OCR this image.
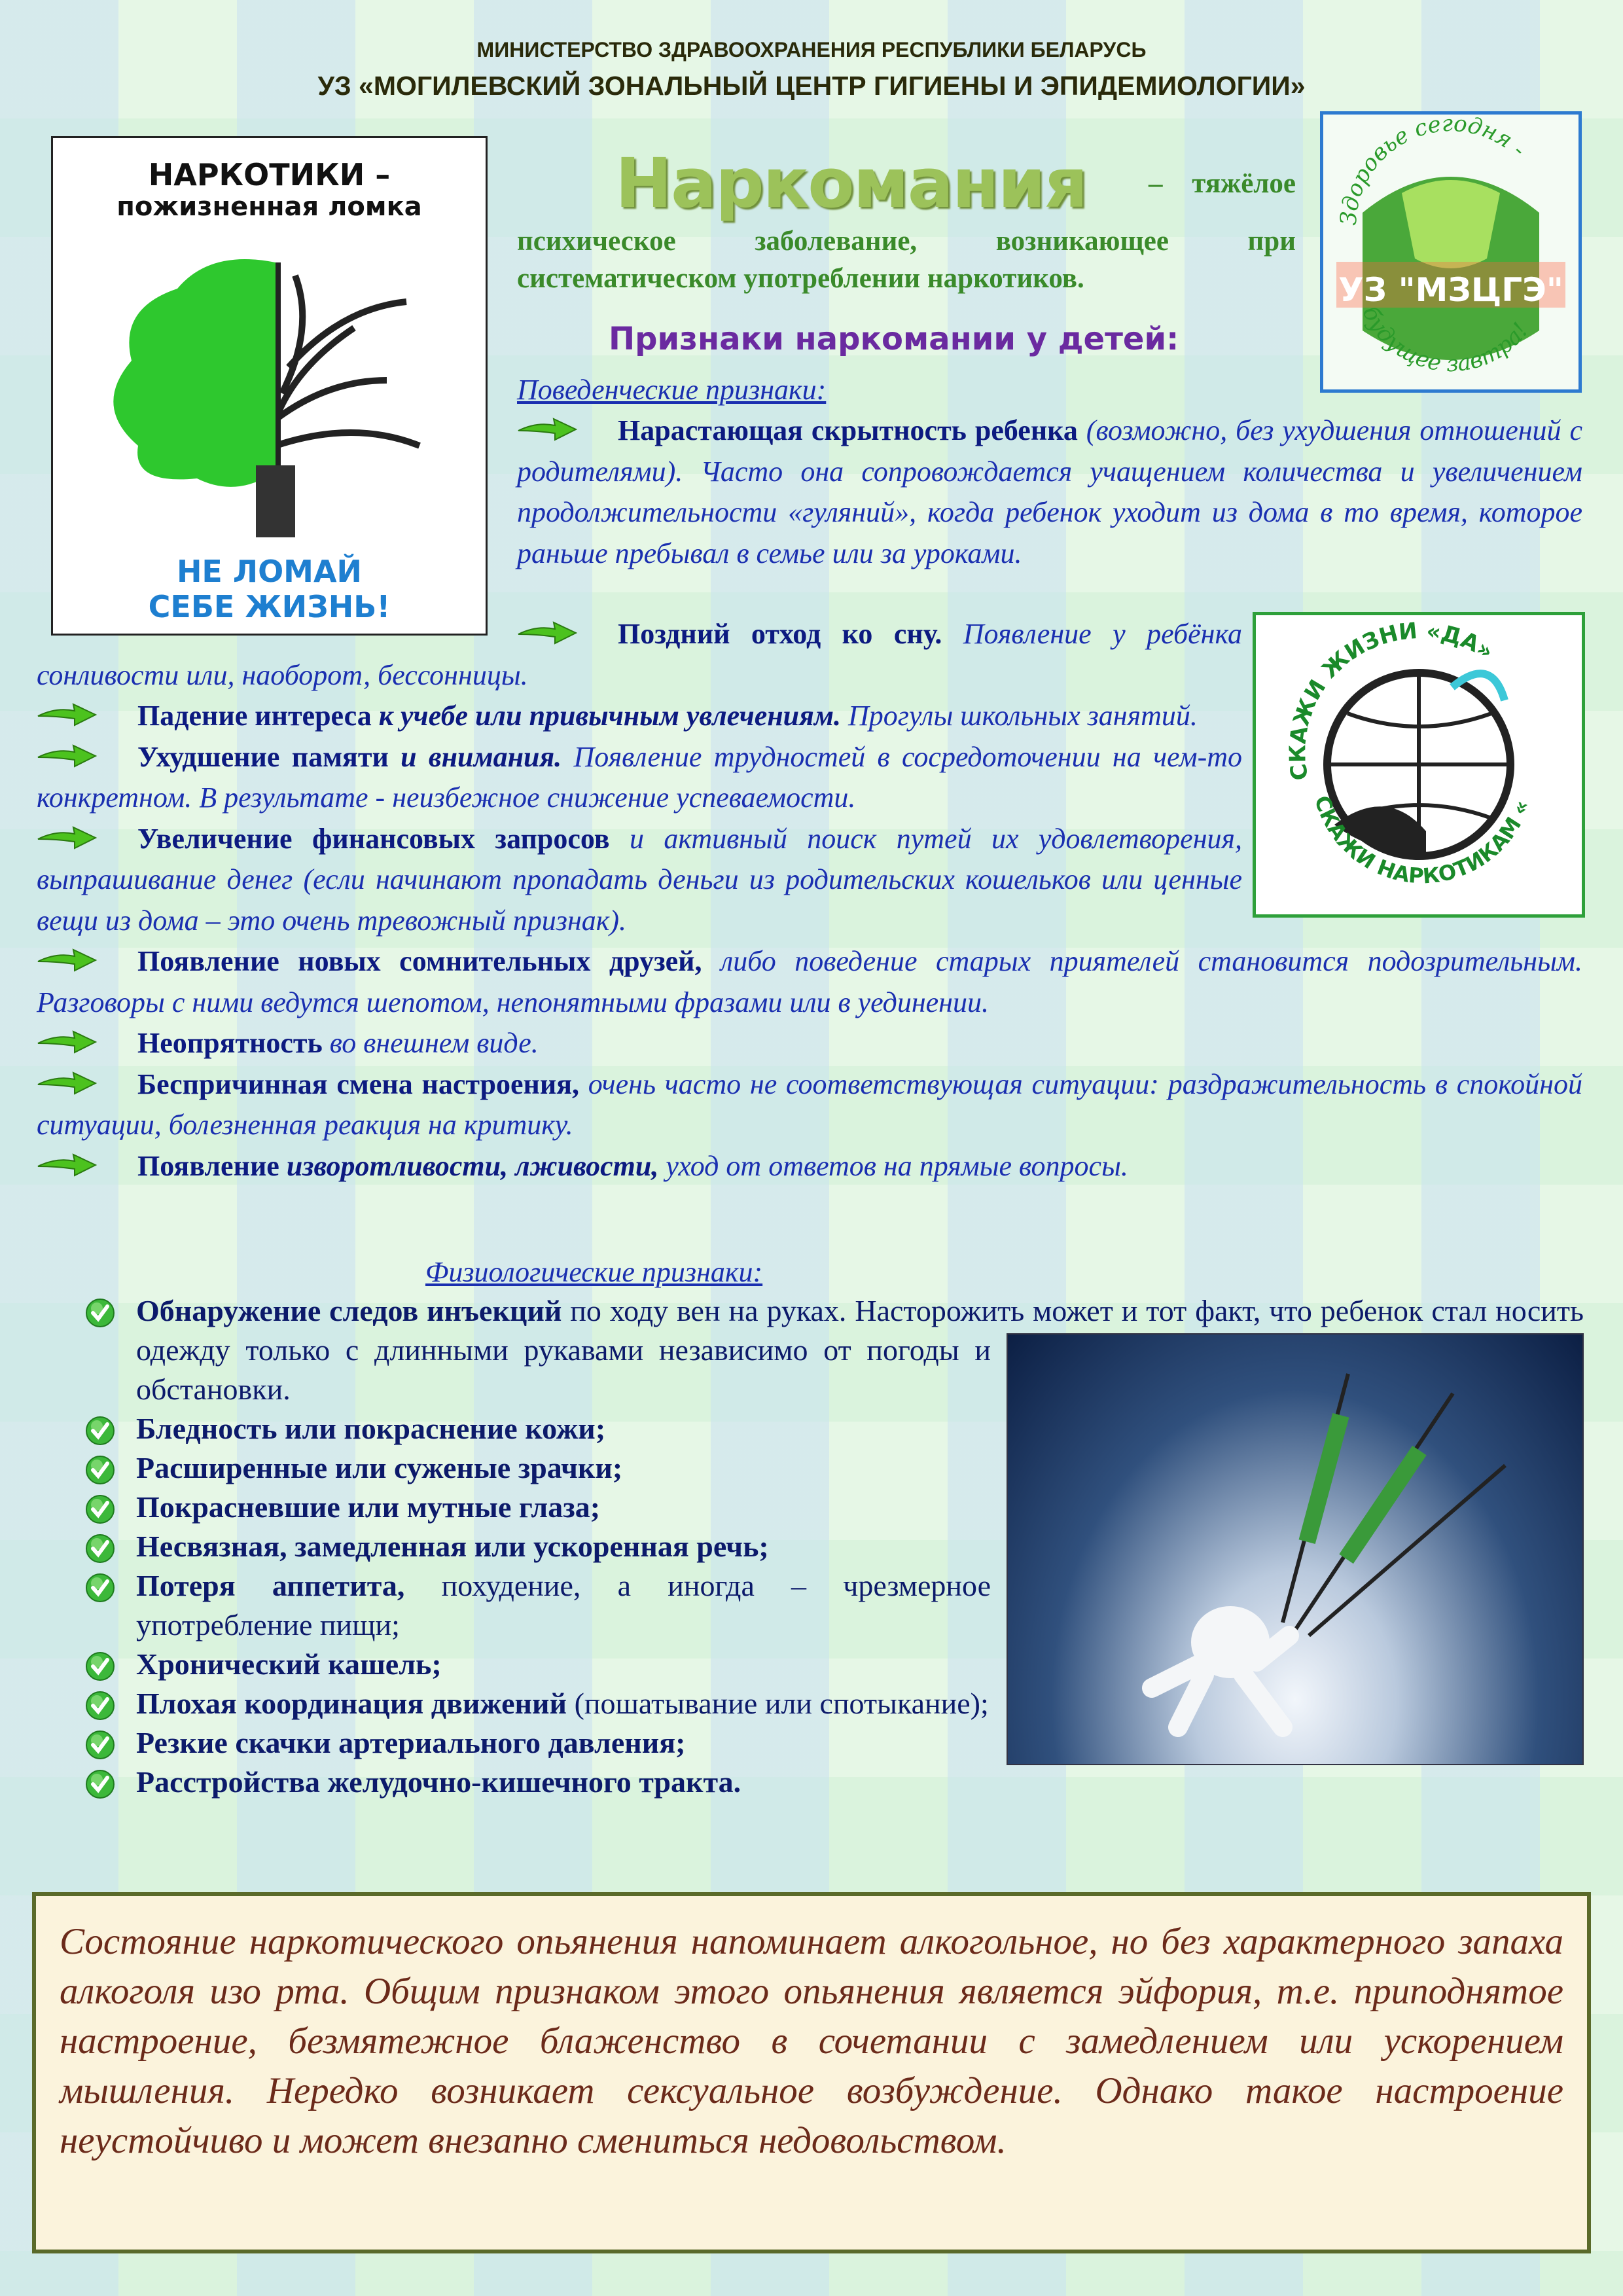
МИНИСТЕРСТВО ЗДРАВООХРАНЕНИЯ РЕСПУБЛИКИ БЕЛАРУСЬ
УЗ «МОГИЛЕВСКИЙ ЗОНАЛЬНЫЙ ЦЕНТР ГИГИЕНЫ И ЭПИДЕМИОЛОГИИ»
НАРКОТИКИ –
пожизненная ломка
НЕ ЛОМАЙ
СЕБЕ ЖИЗНЬ!
УЗ "МЗЦГЭ"
Здоровье сегодня -
будущее завтра!
СКАЖИ ЖИЗНИ «ДА»
СКАЖИ НАРКОТИКАМ «
Наркомания – тяжёлое
психическое	заболевание,	возникающее	при
систематическом употреблении наркотиков.
Признаки наркомании у детей:
Поведенческие признаки:

Нарастающая скрытность ребенка (возможно, без ухудшения отношений с родителями). Часто она сопровождается учащением количества и увеличением продолжительности «гуляний», когда ребенок уходит из дома в то время, которое раньше пребывал в семье или за уроками.

Поздний отход ко сну. Появление у ребёнка сонливости или, наоборот, бессонницы.

Падение интереса к учебе или привычным увлечениям. Прогулы школьных занятий.

Ухудшение памяти и внимания. Появление трудностей в сосредоточении на чем-то конкретном. В результате - неизбежное снижение успеваемости.

Увеличение финансовых запросов и активный поиск путей их удовлетворения, выпрашивание денег (если начинают пропадать деньги из родительских кошельков или ценные вещи из дома – это очень тревожный признак).

Появление новых сомнительных друзей, либо поведение старых приятелей становится подозрительным. Разговоры с ними ведутся шепотом, непонятными фразами или в уединении.

Неопрятность во внешнем виде.

Беспричинная смена настроения, очень часто не соответствующая ситуации: раздражительность в спокойной ситуации, болезненная реакция на критику.

Появление изворотливости, лживости, уход от ответов на прямые вопросы.

Физиологические признаки:

Обнаружение следов инъекций по ходу вен на руках. Насторожить может и тот факт, что ребенок стал носить одежду только с длинными рукавами независимо от погоды и обстановки.

Бледность или покраснение кожи;

Расширенные или суженые зрачки;

Покрасневшие или мутные глаза;

Несвязная, замедленная или ускоренная речь;

Потеря аппетита, похудение, а иногда – чрезмерное употребление пищи;

Хронический кашель;

Плохая координация движений (пошатывание или спотыкание);

Резкие скачки артериального давления;

Расстройства желудочно-кишечного тракта.

Состояние наркотического опьянения напоминает алкогольное, но без характерного запаха алкоголя изо рта. Общим признаком этого опьянения является эйфория, т.е. приподнятое настроение, безмятежное блаженство в сочетании с замедлением или ускорением мышления. Нередко возникает сексуальное возбуждение. Однако такое настроение неустойчиво и может внезапно смениться недовольством.
